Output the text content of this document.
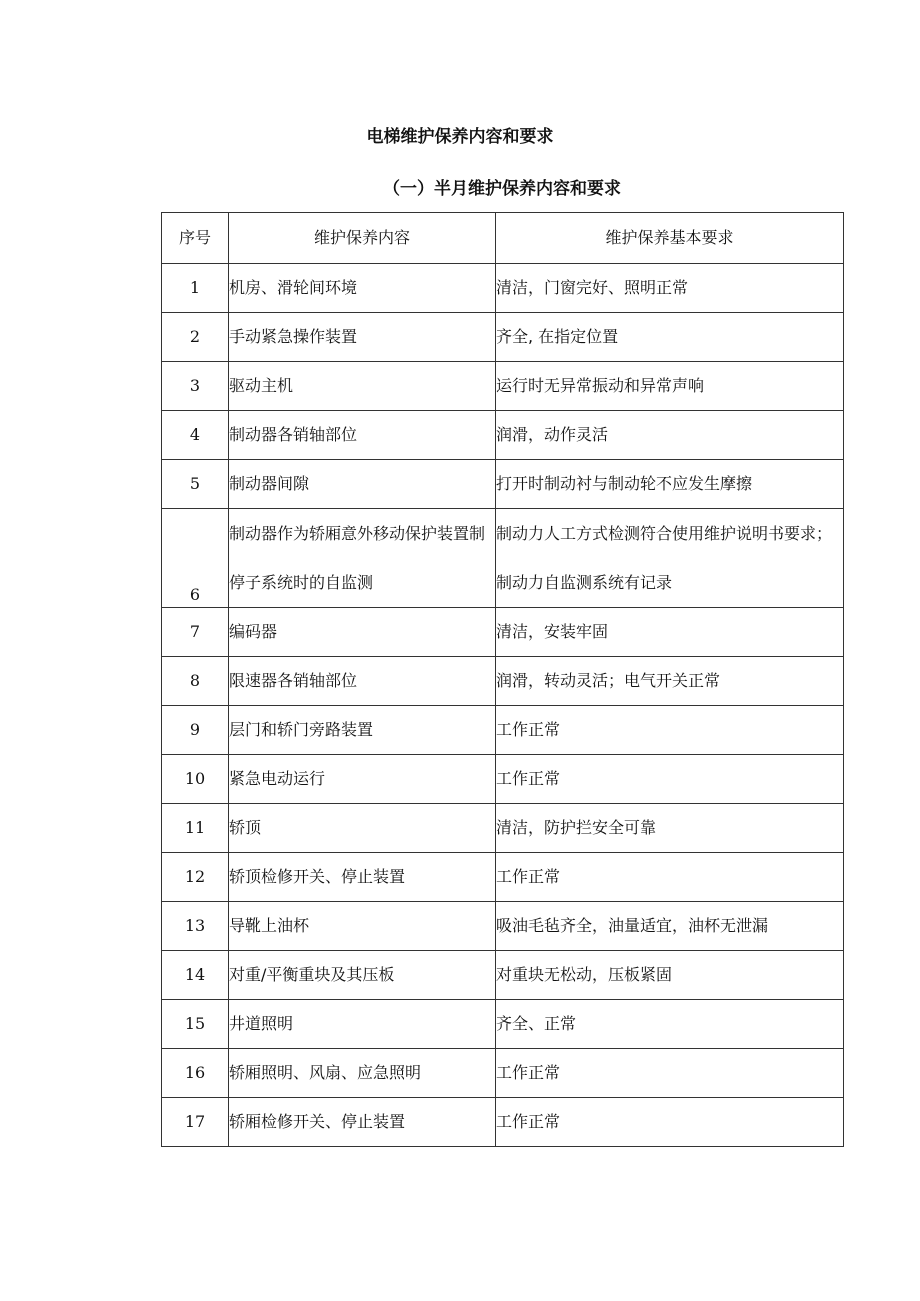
电梯维护保养内容和要求
（一）半月维护保养内容和要求
序号	维护保养内容	维护保养基本要求
1	机房、滑轮间环境	清洁，门窗完好、照明正常
2	手动紧急操作装置	齐全, 在指定位置
3	驱动主机	运行时无异常振动和异常声响
4	制动器各销轴部位	润滑，动作灵活
5	制动器间隙	打开时制动衬与制动轮不应发生摩擦
6	制动器作为轿厢意外移动保护装置制停子系统时的自监测	制动力人工方式检测符合使用维护说明书要求；制动力自监测系统有记录
7	编码器	清洁，安装牢固
8	限速器各销轴部位	润滑，转动灵活；电气开关正常
9	层门和轿门旁路装置	工作正常
10	紧急电动运行	工作正常
11	轿顶	清洁，防护拦安全可靠
12	轿顶检修开关、停止装置	工作正常
13	导靴上油杯	吸油毛毡齐全，油量适宜，油杯无泄漏
14	对重/平衡重块及其压板	对重块无松动，压板紧固
15	井道照明	齐全、正常
16	轿厢照明、风扇、应急照明	工作正常
17	轿厢检修开关、停止装置	工作正常
